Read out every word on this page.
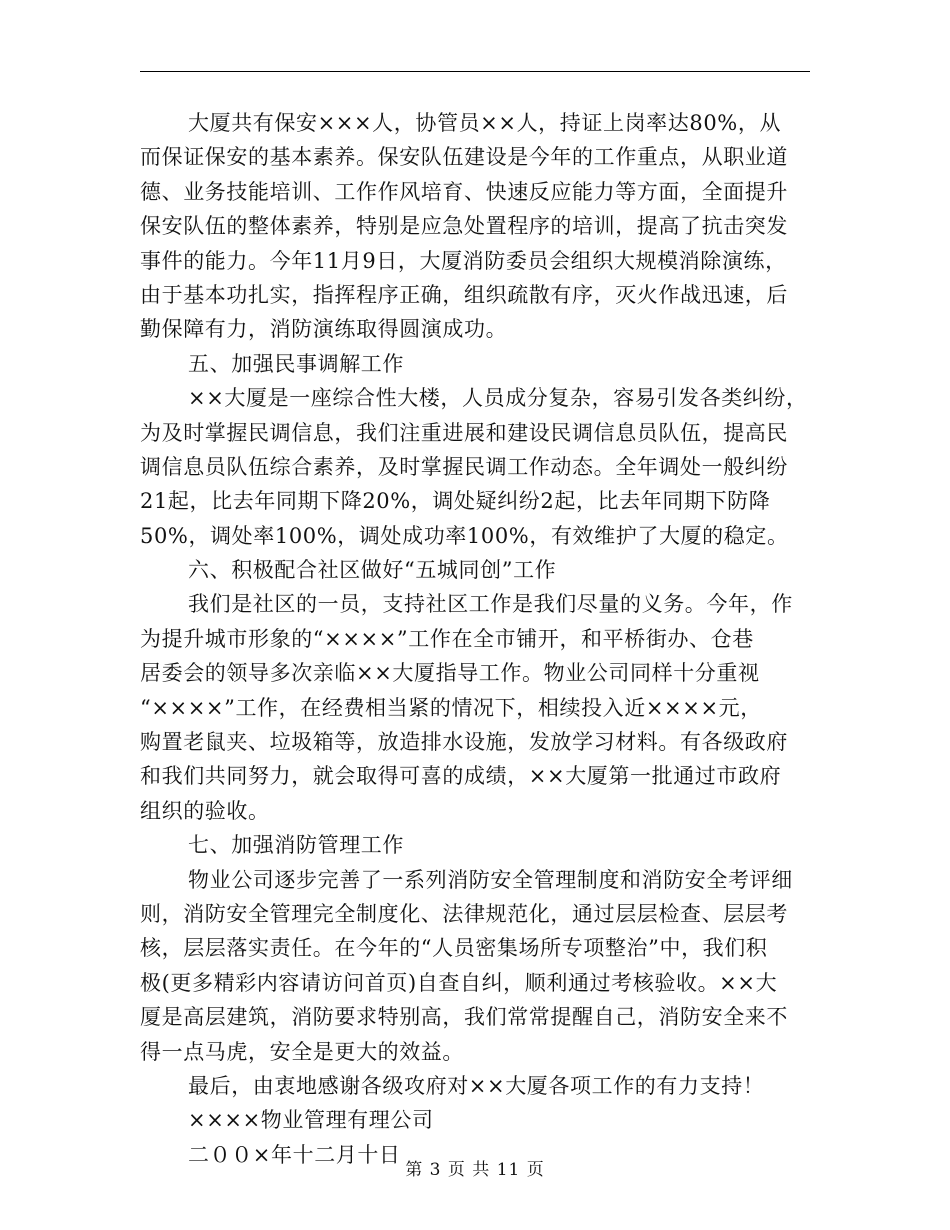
大厦共有保安×××人，协管员××人，持证上岗率达80%，从
而保证保安的基本素养。保安队伍建设是今年的工作重点，从职业道
德、业务技能培训、工作作风培育、快速反应能力等方面，全面提升
保安队伍的整体素养，特别是应急处置程序的培训，提高了抗击突发
事件的能力。今年11月9日，大厦消防委员会组织大规模消除演练，
由于基本功扎实，指挥程序正确，组织疏散有序，灭火作战迅速，后
勤保障有力，消防演练取得圆演成功。
五、加强民事调解工作
××大厦是一座综合性大楼，人员成分复杂，容易引发各类纠纷，
为及时掌握民调信息，我们注重进展和建设民调信息员队伍，提高民
调信息员队伍综合素养，及时掌握民调工作动态。全年调处一般纠纷
21起，比去年同期下降20%，调处疑纠纷2起，比去年同期下防降
50%，调处率100%，调处成功率100%，有效维护了大厦的稳定。
六、积极配合社区做好“五城同创”工作
我们是社区的一员，支持社区工作是我们尽量的义务。今年，作
为提升城市形象的“××××”工作在全市铺开，和平桥街办、仓巷
居委会的领导多次亲临××大厦指导工作。物业公司同样十分重视
“××××”工作，在经费相当紧的情况下，相续投入近××××元，
购置老鼠夹、垃圾箱等，放造排水设施，发放学习材料。有各级政府
和我们共同努力，就会取得可喜的成绩，××大厦第一批通过市政府
组织的验收。
七、加强消防管理工作
物业公司逐步完善了一系列消防安全管理制度和消防安全考评细
则，消防安全管理完全制度化、法律规范化，通过层层检查、层层考
核，层层落实责任。在今年的“人员密集场所专项整治”中，我们积
极(更多精彩内容请访问首页)自查自纠，顺利通过考核验收。××大
厦是高层建筑，消防要求特别高，我们常常提醒自己，消防安全来不
得一点马虎，安全是更大的效益。
最后，由衷地感谢各级攻府对××大厦各项工作的有力支持！
××××物业管理有理公司
二００×年十二月十日
第 3 页 共 11 页
